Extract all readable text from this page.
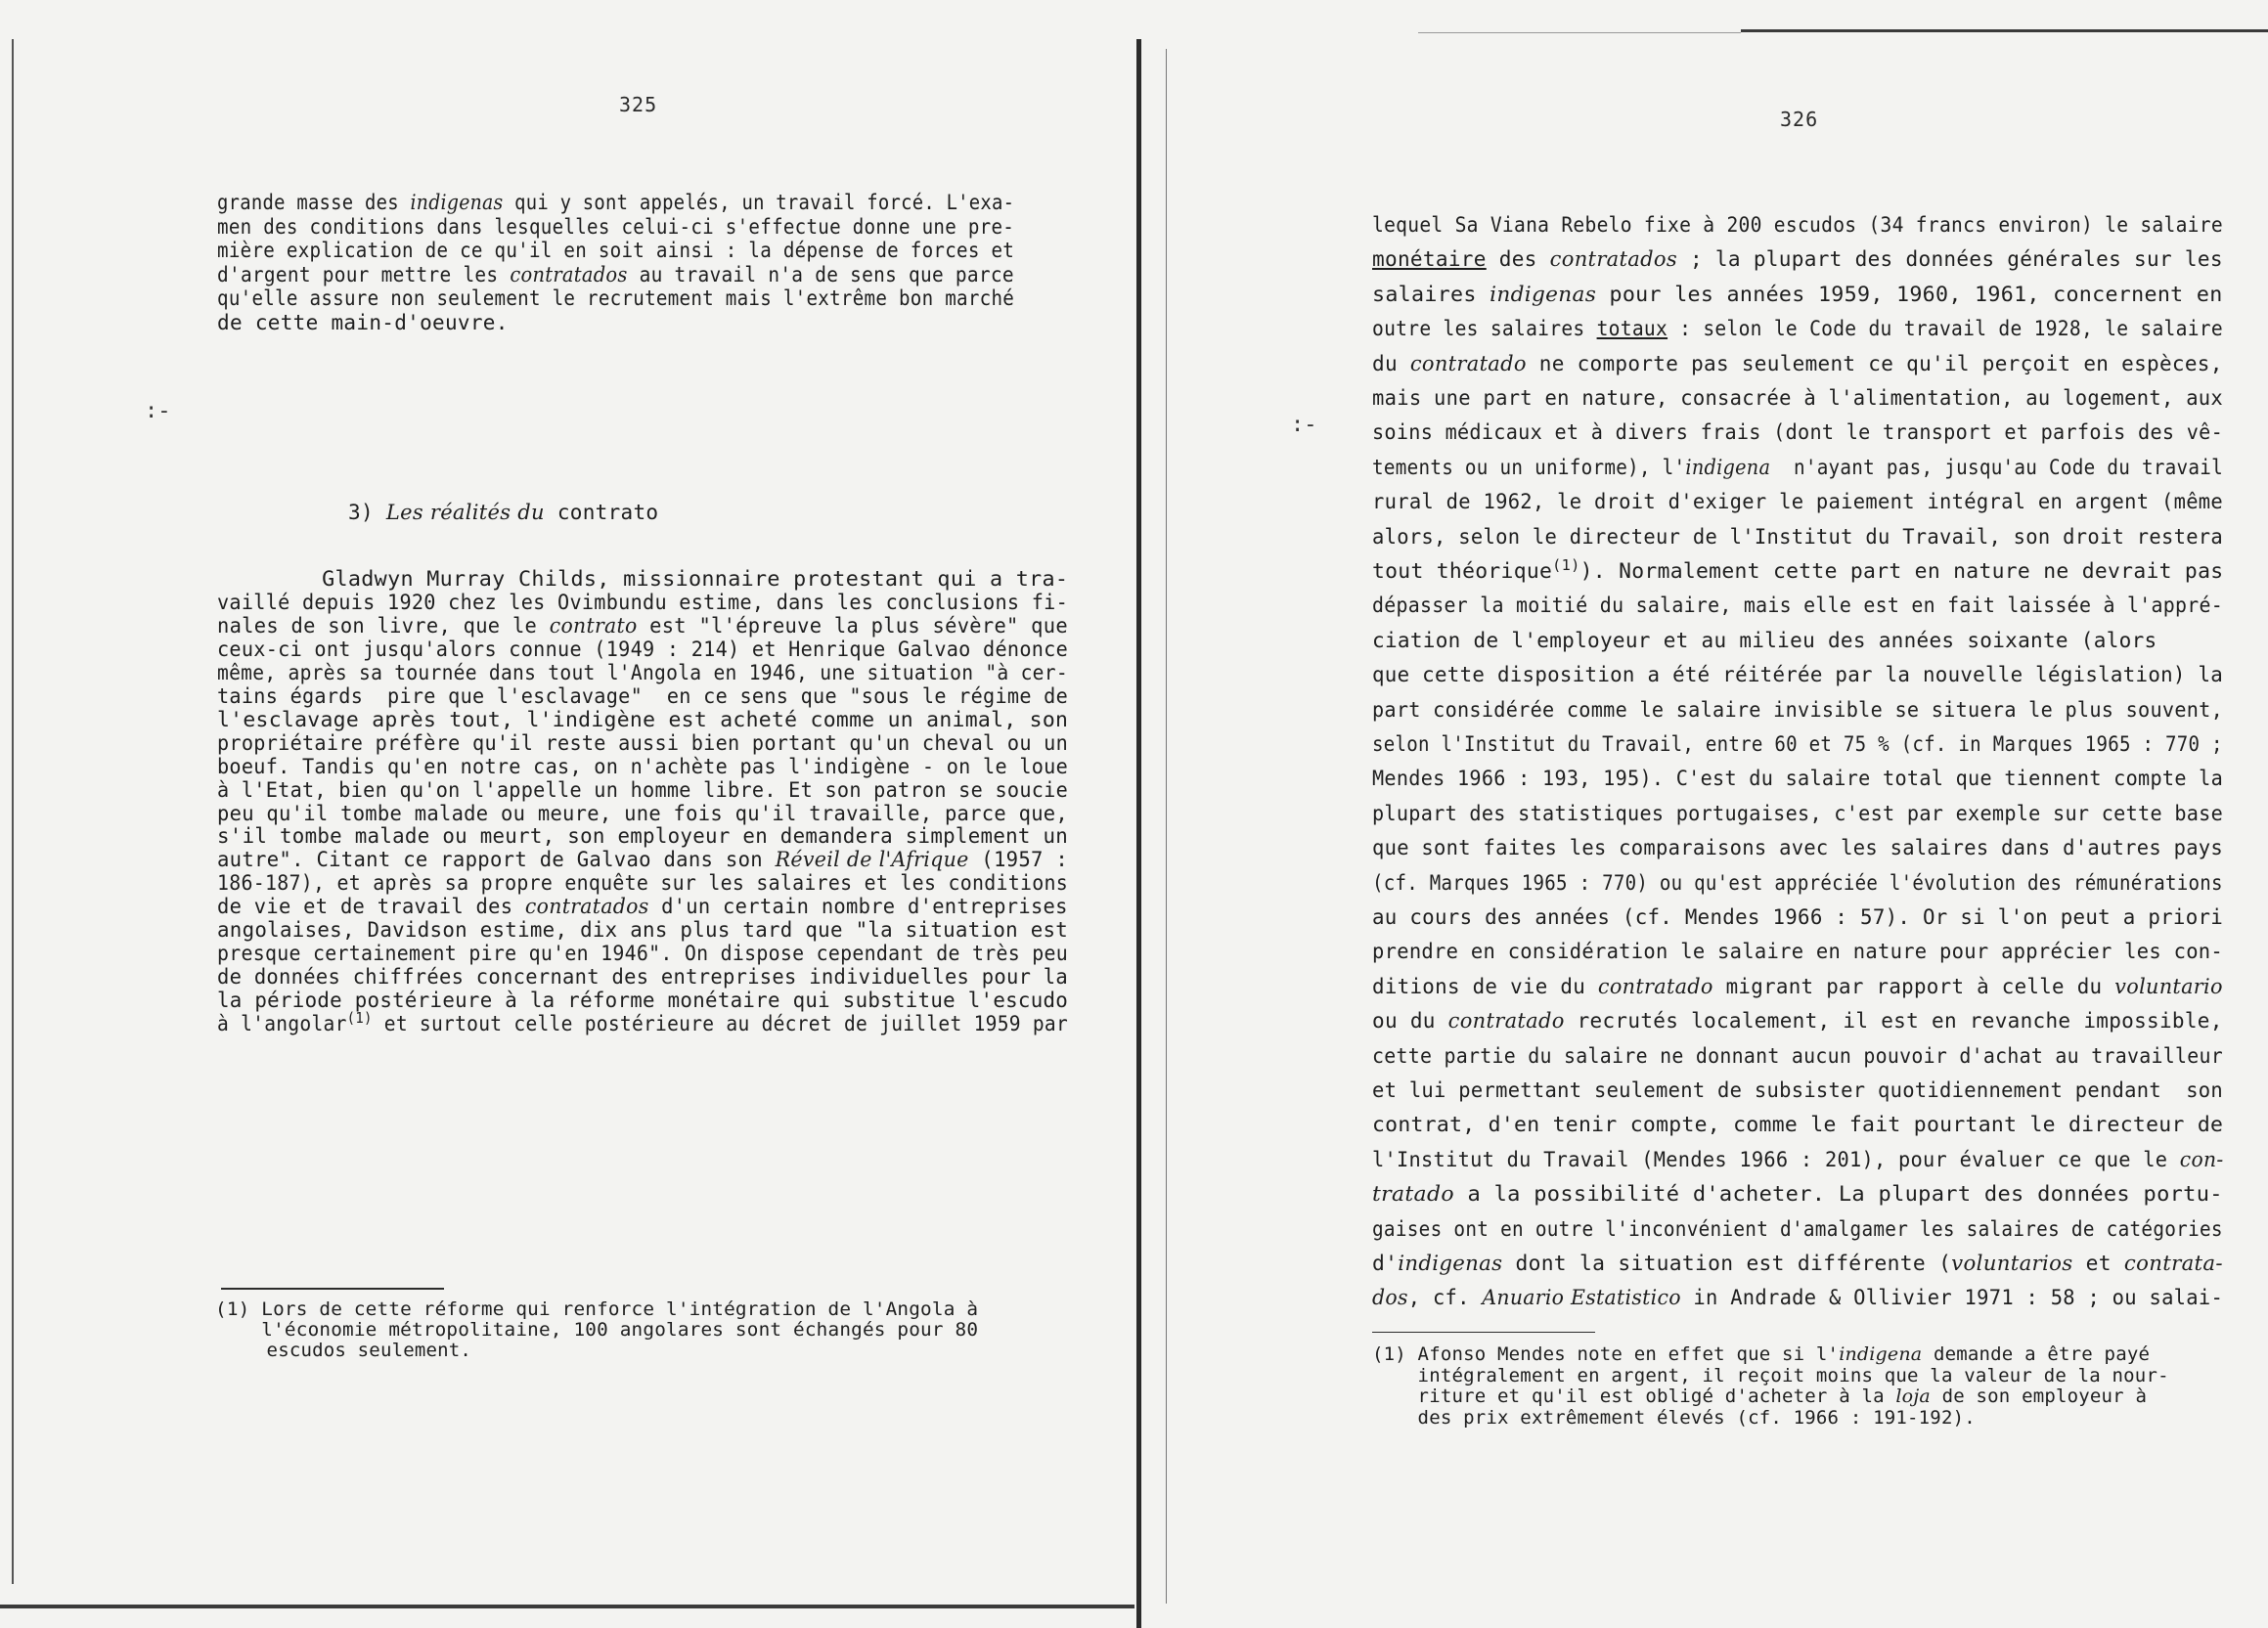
325
grande masse des indigenas qui y sont appelés, un travail forcé. L'exa-
men des conditions dans lesquelles celui-ci s'effectue donne une pre-
mière explication de ce qu'il en soit ainsi : la dépense de forces et
d'argent pour mettre les contratados au travail n'a de sens que parce
qu'elle assure non seulement le recrutement mais l'extrême bon marché
de cette main-d'oeuvre.
:-
3) Les réalités du contrato
Gladwyn Murray Childs, missionnaire protestant qui a tra-
vaillé depuis 1920 chez les Ovimbundu estime, dans les conclusions fi-
nales de son livre, que le contrato est "l'épreuve la plus sévère" que
ceux-ci ont jusqu'alors connue (1949 : 214) et Henrique Galvao dénonce
même, après sa tournée dans tout l'Angola en 1946, une situation "à cer-
tains égards  pire que l'esclavage"  en ce sens que "sous le régime de
l'esclavage après tout, l'indigène est acheté comme un animal, son
propriétaire préfère qu'il reste aussi bien portant qu'un cheval ou un
boeuf. Tandis qu'en notre cas, on n'achète pas l'indigène - on le loue
à l'Etat, bien qu'on l'appelle un homme libre. Et son patron se soucie
peu qu'il tombe malade ou meure, une fois qu'il travaille, parce que,
s'il tombe malade ou meurt, son employeur en demandera simplement un
autre". Citant ce rapport de Galvao dans son Réveil de l'Afrique (1957 :
186-187), et après sa propre enquête sur les salaires et les conditions
de vie et de travail des contratados d'un certain nombre d'entreprises
angolaises, Davidson estime, dix ans plus tard que "la situation est
presque certainement pire qu'en 1946". On dispose cependant de très peu
de données chiffrées concernant des entreprises individuelles pour la
la période postérieure à la réforme monétaire qui substitue l'escudo
à l'angolar$^{(1)}$ et surtout celle postérieure au décret de juillet 1959 par
(1) Lors de cette réforme qui renforce l'intégration de l'Angola à
l'économie métropolitaine, 100 angolares sont échangés pour 80
escudos seulement.
326
lequel Sa Viana Rebelo fixe à 200 escudos (34 francs environ) le salaire
monétaire des contratados ; la plupart des données générales sur les
salaires indigenas pour les années 1959, 1960, 1961, concernent en
outre les salaires totaux : selon le Code du travail de 1928, le salaire
du contratado ne comporte pas seulement ce qu'il perçoit en espèces,
mais une part en nature, consacrée à l'alimentation, au logement, aux
soins médicaux et à divers frais (dont le transport et parfois des vê-
tements ou un uniforme), l'indigena  n'ayant pas, jusqu'au Code du travail
rural de 1962, le droit d'exiger le paiement intégral en argent (même
alors, selon le directeur de l'Institut du Travail, son droit restera
tout théorique$^{(1)}$). Normalement cette part en nature ne devrait pas
dépasser la moitié du salaire, mais elle est en fait laissée à l'appré-
ciation de l'employeur et au milieu des années soixante (alors
que cette disposition a été réitérée par la nouvelle législation) la
part considérée comme le salaire invisible se situera le plus souvent,
selon l'Institut du Travail, entre 60 et 75 % (cf. in Marques 1965 : 770 ;
Mendes 1966 : 193, 195). C'est du salaire total que tiennent compte la
plupart des statistiques portugaises, c'est par exemple sur cette base
que sont faites les comparaisons avec les salaires dans d'autres pays
(cf. Marques 1965 : 770) ou qu'est appréciée l'évolution des rémunérations
au cours des années (cf. Mendes 1966 : 57). Or si l'on peut a priori
prendre en considération le salaire en nature pour apprécier les con-
ditions de vie du contratado migrant par rapport à celle du voluntario
ou du contratado recrutés localement, il est en revanche impossible,
cette partie du salaire ne donnant aucun pouvoir d'achat au travailleur
et lui permettant seulement de subsister quotidiennement pendant  son
contrat, d'en tenir compte, comme le fait pourtant le directeur de
l'Institut du Travail (Mendes 1966 : 201), pour évaluer ce que le con-
tratado a la possibilité d'acheter. La plupart des données portu-
gaises ont en outre l'inconvénient d'amalgamer les salaires de catégories
d'indigenas dont la situation est différente (voluntarios et contrata-
dos, cf. Anuario Estatistico in Andrade & Ollivier 1971 : 58 ; ou salai-
:-
(1) Afonso Mendes note en effet que si l'indigena demande a être payé
intégralement en argent, il reçoit moins que la valeur de la nour-
riture et qu'il est obligé d'acheter à la loja de son employeur à
des prix extrêmement élevés (cf. 1966 : 191-192).
